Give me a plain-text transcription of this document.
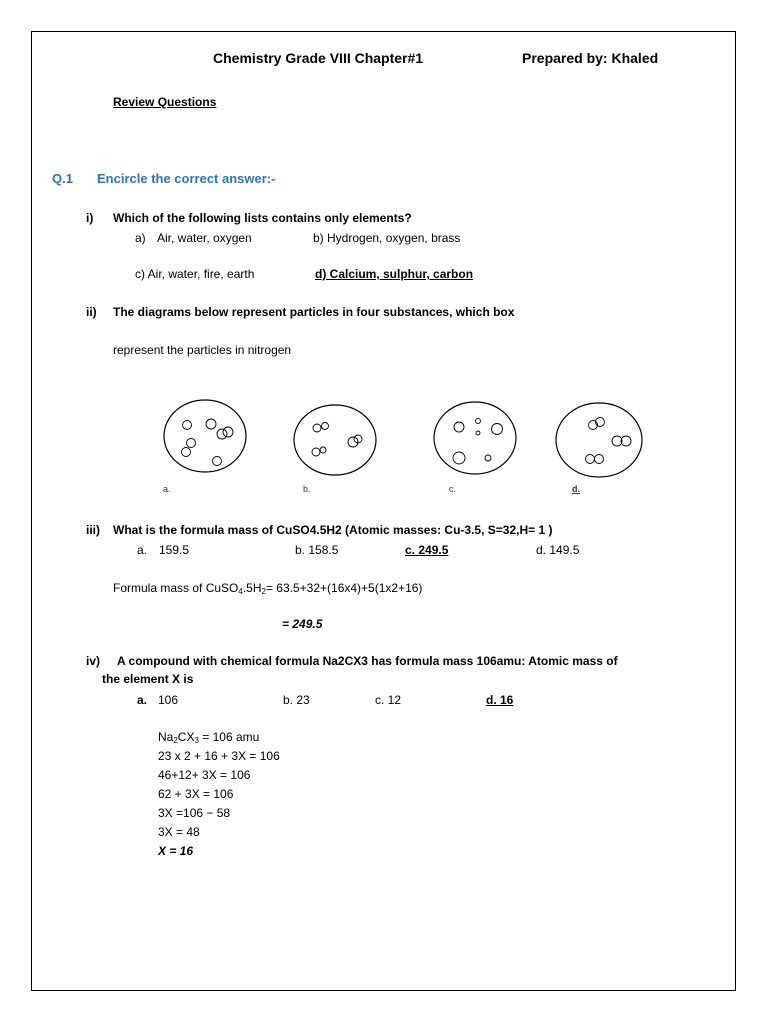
Chemistry Grade VIII Chapter#1	Prepared by: Khaled
Review Questions
Q.1 Encircle the correct answer:-
i) Which of the following lists contains only elements?
a) Air, water, oxygen	b) Hydrogen, oxygen, brass
c) Air, water, fire, earth	d) Calcium, sulphur, carbon
ii) The diagrams below represent particles in four substances, which box
represent the particles in nitrogen
a.	b.	c.	d.
iii) What is the formula mass of CuSO4.5H2 (Atomic masses: Cu-3.5, S=32,H= 1 )
a. 159.5	b. 158.5	c. 249.5	d. 149.5
Formula mass of $CuSO_4.5H_2= 63.5+32+(16x4)+5(1x2+16)$
= 249.5
iv) A compound with chemical formula Na2CX3 has formula mass 106amu: Atomic mass of
the element X is
a. 106	b. 23	c. 12	d. 16
$Na_2CX_3 = 106$ amu
23 x 2 + 16 + 3X = 106
46+12+ 3X = 106
62 + 3X = 106
3X =106 − 58
3X = 48
X = 16
